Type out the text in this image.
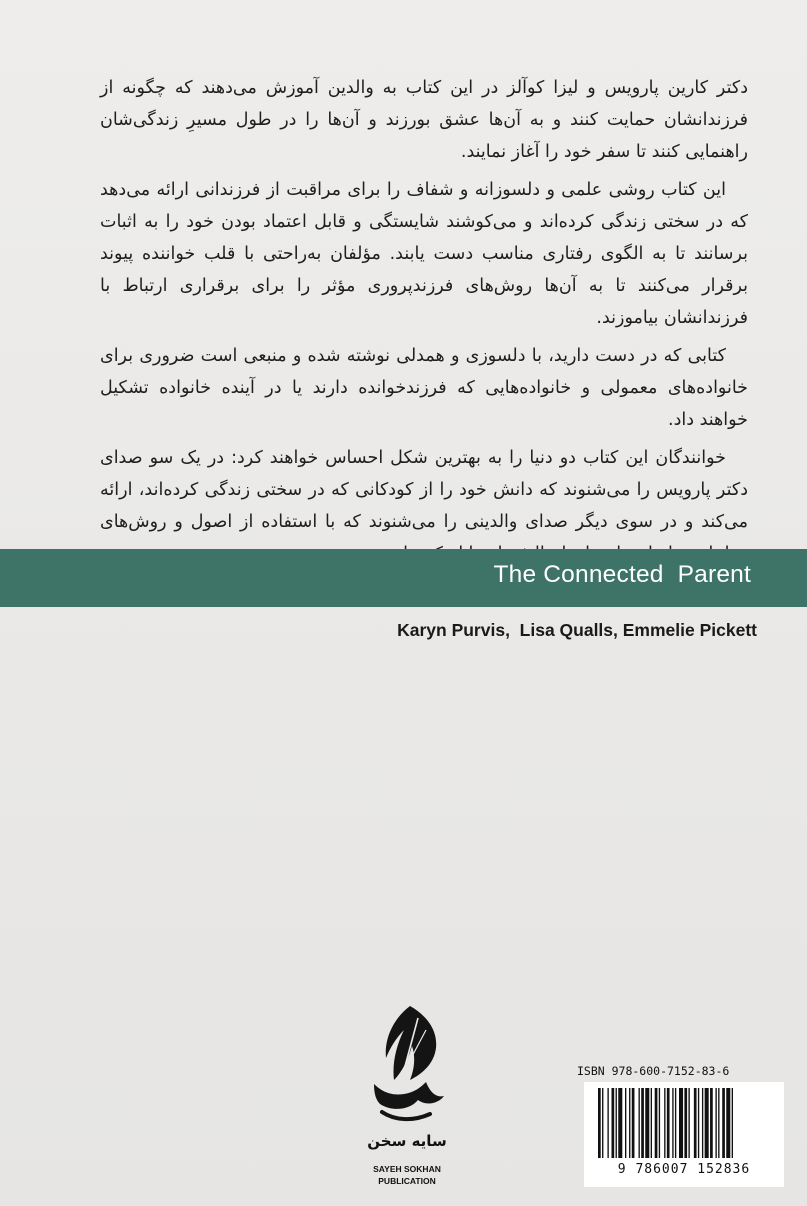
دکتر کارین پارویس و لیزا کوآلز در این کتاب به والدین آموزش می‌دهند که چگونه از فرزندانشان حمایت کنند و به آن‌ها عشق بورزند و آن‌ها را در طول مسیرِ زندگی‌شان راهنمایی کنند تا سفر خود را آغاز نمایند.

این کتاب روشی علمی و دلسوزانه و شفاف را برای مراقبت از فرزندانی ارائه می‌دهد که در سختی زندگی کرده‌اند و می‌کوشند شایستگی و قابل اعتماد بودن خود را به اثبات برسانند تا به الگوی رفتاری مناسب دست یابند. مؤلفان به‌راحتی با قلب خواننده پیوند برقرار می‌کنند تا به آن‌ها روش‌های فرزندپروری مؤثر را برای برقراری ارتباط با فرزندانشان بیاموزند.

کتابی که در دست دارید، با دلسوزی و همدلی نوشته شده و منبعی است ضروری برای خانواده‌های معمولی و خانواده‌هایی که فرزندخوانده دارند یا در آینده خانواده تشکیل خواهند داد.

خوانندگان این کتاب دو دنیا را به بهترین شکل احساس خواهند کرد: در یک سو صدای دکتر پارویس را می‌شنوند که دانش خود را از کودکانی که در سختی زندگی کرده‌اند، ارائه می‌کند و در سوی دیگر صدای والدینی را می‌شنوند که با استفاده از اصول و روش‌های

The Connected  Parent
Karyn Purvis,  Lisa Qualls, Emmelie Pickett
سایه سخن
SAYEH SOKHAN
PUBLICATION
ISBN 978-600-7152-83-6
9 786007 152836
